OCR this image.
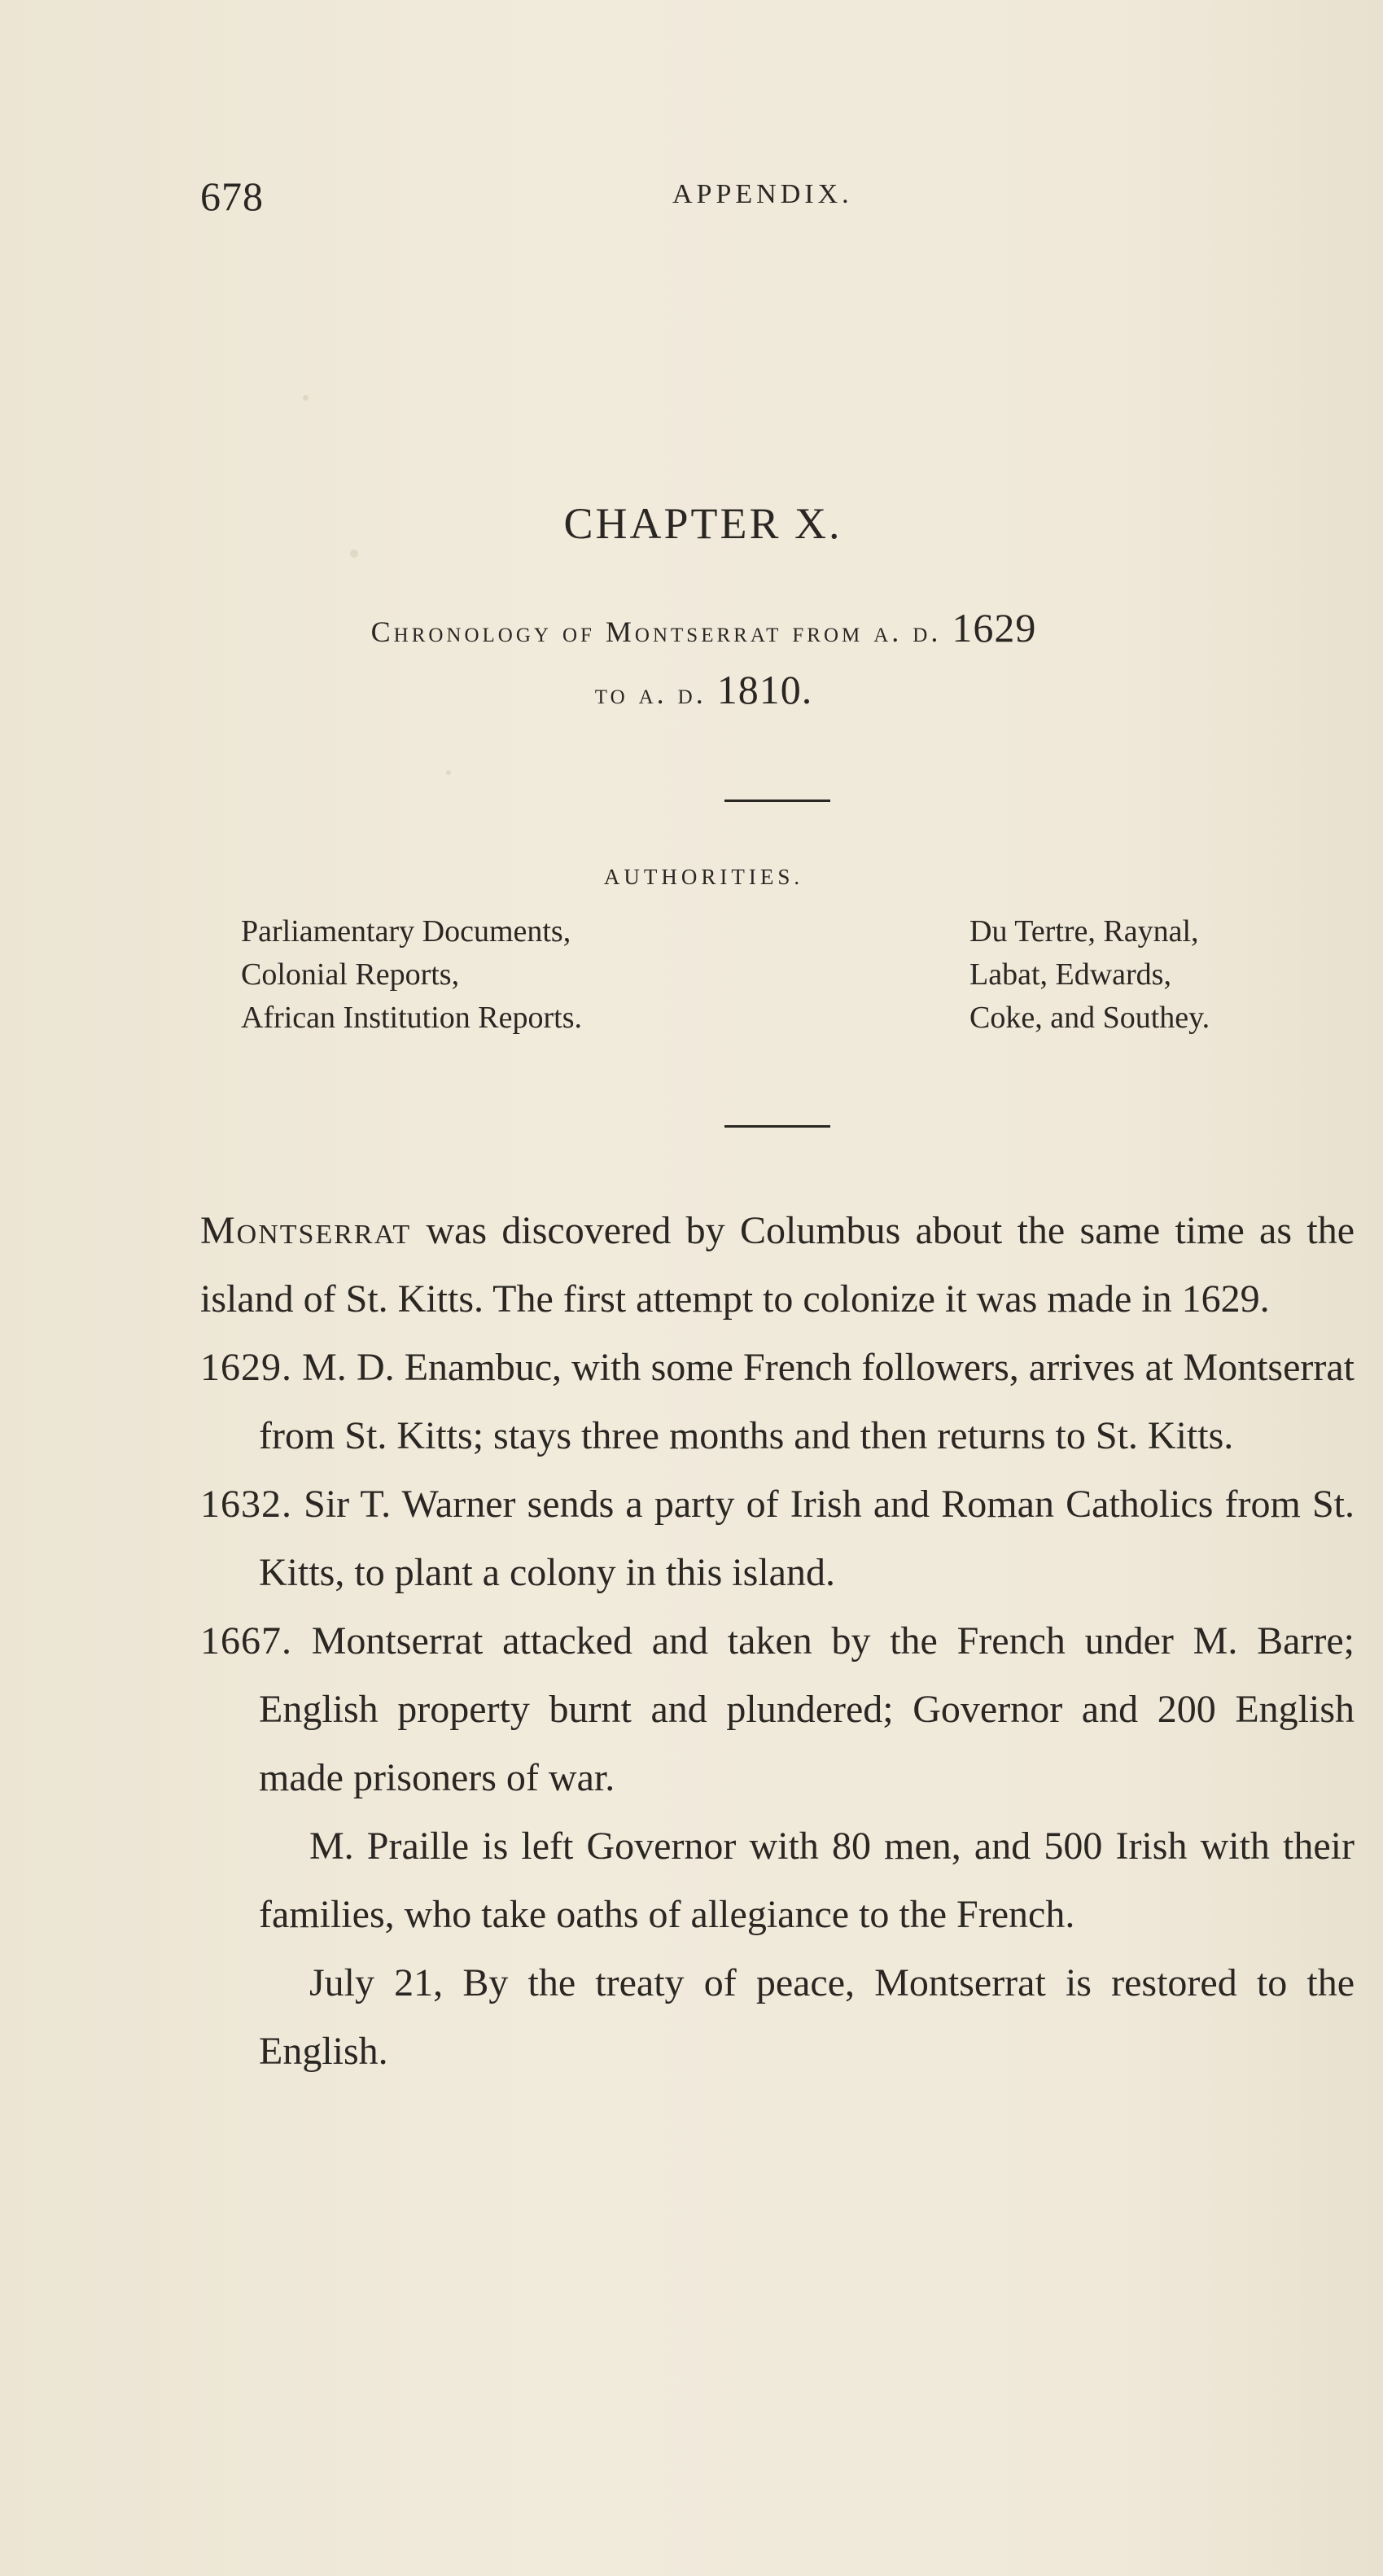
678	APPENDIX.
CHAPTER X.
Chronology of Montserrat from a. d. 1629
to a. d. 1810.
AUTHORITIES.
Parliamentary Documents,
Colonial Reports,
African Institution Reports.
Du Tertre, Raynal,
Labat, Edwards,
Coke, and Southey.

Montserrat was discovered by Columbus about the same time as the island of St. Kitts. The first attempt to colonize it was made in 1629.

1629. M. D. Enambuc, with some French followers, arrives at Montserrat from St. Kitts; stays three months and then returns to St. Kitts.

1632. Sir T. Warner sends a party of Irish and Roman Catholics from St. Kitts, to plant a colony in this island.

1667. Montserrat attacked and taken by the French under M. Barre; English property burnt and plundered; Governor and 200 English made prisoners of war.

M. Praille is left Governor with 80 men, and 500 Irish with their families, who take oaths of allegiance to the French.

July 21, By the treaty of peace, Montserrat is restored to the English.
